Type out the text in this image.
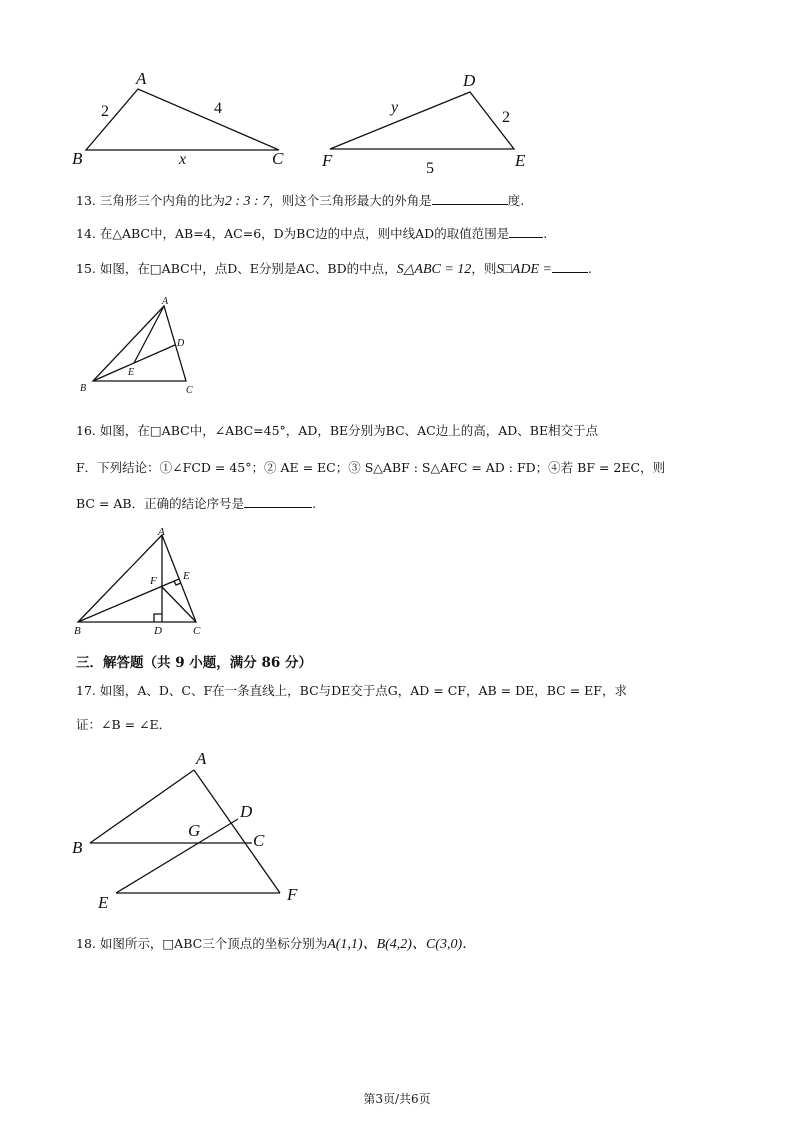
A
B	C
2	4
x
D
E
F
y
2
5
13. 三角形三个内角的比为2 : 3 : 7，则这个三角形最大的外角是	度.
14. 在△ABC中，AB=4，AC=6，D为BC边的中点，则中线AD的取值范围是	.
15. 如图，在□ABC中，点D、E分别是AC、BD的中点，S△ABC = 12，则S□ADE =	.
A
B	C
D
E
16. 如图，在□ABC中，∠ABC=45°，AD，BE分别为BC、AC边上的高，AD、BE相交于点
F．下列结论：①∠FCD = 45°；② AE = EC；③ S△ABF : S△AFC = AD : FD；④若 BF = 2EC，则
BC = AB．正确的结论序号是	.
A
B	C
D
E
F
三．解答题（共 9 小题，满分 86 分）
17. 如图，A、D、C、F在一条直线上，BC与DE交于点G，AD = CF，AB = DE，BC = EF，求
证：∠B = ∠E．
A
B	C
D
E	F
G
18. 如图所示，□ABC三个顶点的坐标分别为A(1,1)、B(4,2)、C(3,0)．
第3页/共6页
